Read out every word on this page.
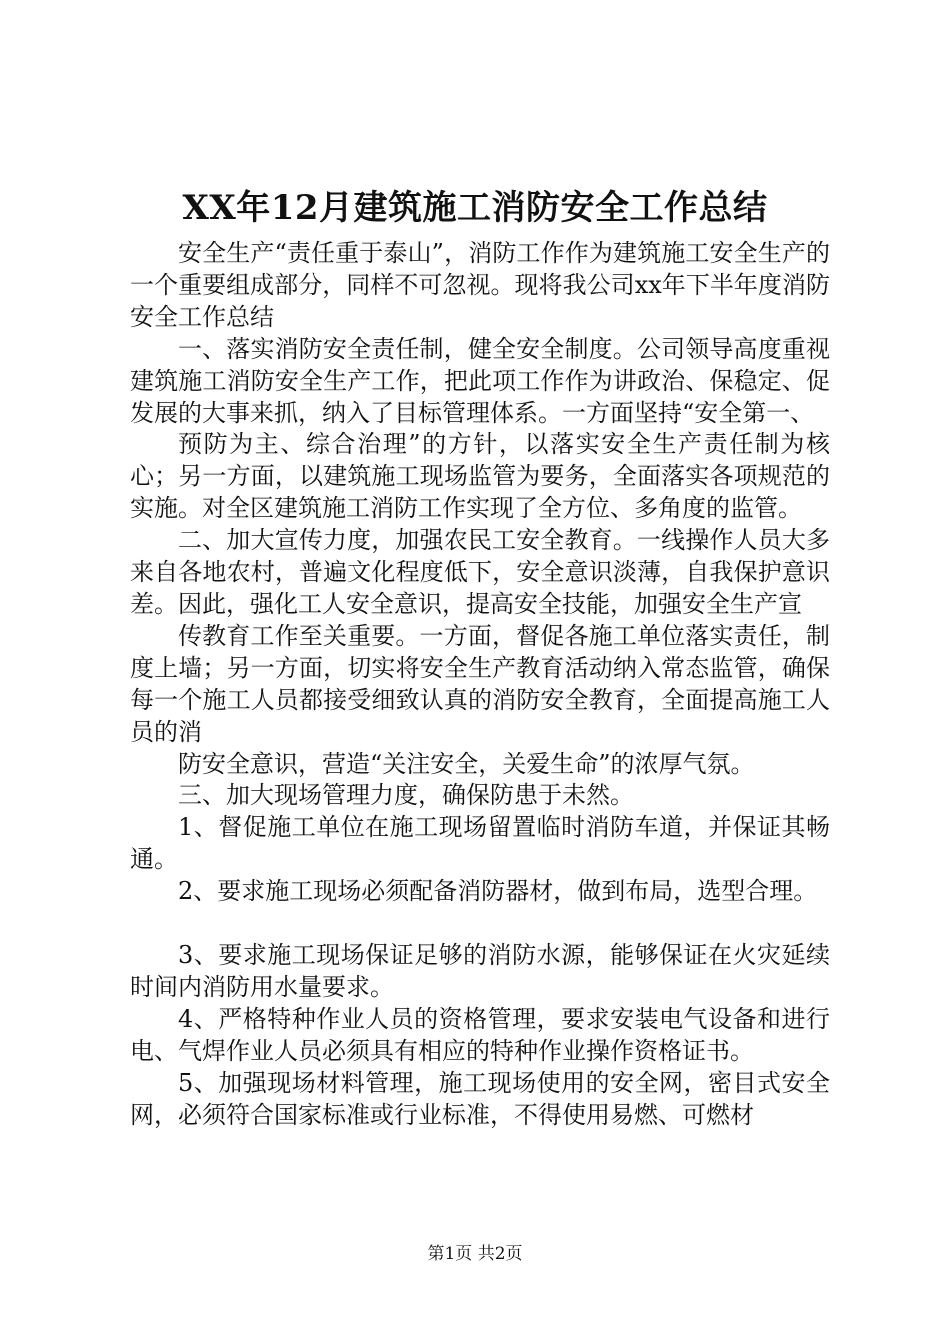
XX年12月建筑施工消防安全工作总结

安全生产“责任重于泰山”，消防工作作为建筑施工安全生产的一个重要组成部分，同样不可忽视。现将我公司xx年下半年度消防安全工作总结

一、落实消防安全责任制，健全安全制度。公司领导高度重视建筑施工消防安全生产工作，把此项工作作为讲政治、保稳定、促发展的大事来抓，纳入了目标管理体系。一方面坚持“安全第一、

预防为主、综合治理”的方针，以落实安全生产责任制为核心；另一方面，以建筑施工现场监管为要务，全面落实各项规范的实施。对全区建筑施工消防工作实现了全方位、多角度的监管。

二、加大宣传力度，加强农民工安全教育。一线操作人员大多来自各地农村，普遍文化程度低下，安全意识淡薄，自我保护意识差。因此，强化工人安全意识，提高安全技能，加强安全生产宣

传教育工作至关重要。一方面，督促各施工单位落实责任，制度上墙；另一方面，切实将安全生产教育活动纳入常态监管，确保每一个施工人员都接受细致认真的消防安全教育，全面提高施工人员的消

防安全意识，营造“关注安全，关爱生命”的浓厚气氛。

三、加大现场管理力度，确保防患于未然。

1、督促施工单位在施工现场留置临时消防车道，并保证其畅通。

2、要求施工现场必须配备消防器材，做到布局，选型合理。

3、要求施工现场保证足够的消防水源，能够保证在火灾延续时间内消防用水量要求。

4、严格特种作业人员的资格管理，要求安装电气设备和进行电、气焊作业人员必须具有相应的特种作业操作资格证书。

5、加强现场材料管理，施工现场使用的安全网，密目式安全网，必须符合国家标准或行业标准，不得使用易燃、可燃材

第1页 共2页
